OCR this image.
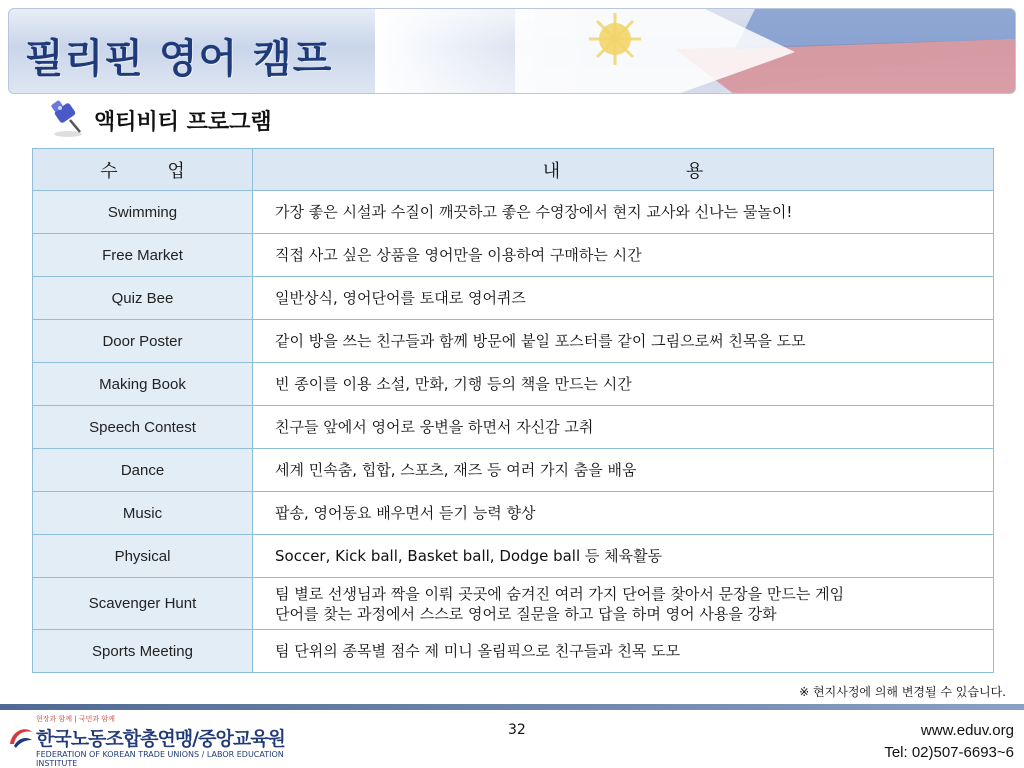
필리핀 영어 캠프
액티비티 프로그램
수 업	내 용
Swimming	가장 좋은 시설과 수질이 깨끗하고 좋은 수영장에서 현지 교사와 신나는 물놀이!

Free Market	직접 사고 싶은 상품을 영어만을 이용하여 구매하는 시간

Quiz Bee	일반상식, 영어단어를 토대로 영어퀴즈

Door Poster	같이 방을 쓰는 친구들과 함께 방문에 붙일 포스터를 같이 그림으로써 친목을 도모

Making Book	빈 종이를 이용 소설, 만화, 기행 등의 책을 만드는 시간

Speech Contest	친구들 앞에서 영어로 웅변을 하면서 자신감 고취

Dance	세계 민속춤, 힙합, 스포츠, 재즈 등 여러 가지 춤을 배움

Music	팝송, 영어동요 배우면서 듣기 능력 향상

Physical	Soccer, Kick ball, Basket ball, Dodge ball 등 체육활동

Scavenger Hunt	팀 별로 선생님과 짝을 이뤄 곳곳에 숨겨진 여러 가지 단어를 찾아서 문장을 만드는 게임
단어를 찾는 과정에서 스스로 영어로 질문을 하고 답을 하며 영어 사용을 강화

Sports Meeting	팀 단위의 종목별 점수 제 미니 올림픽으로 친구들과 친목 도모
※ 현지사정에 의해 변경될 수 있습니다.
현장과 함께 | 국민과 함께
한국노동조합총연맹/중앙교육원
FEDERATION OF KOREAN TRADE UNIONS / LABOR EDUCATION INSTITUTE
32	www.eduv.org
Tel: 02)507-6693~6
